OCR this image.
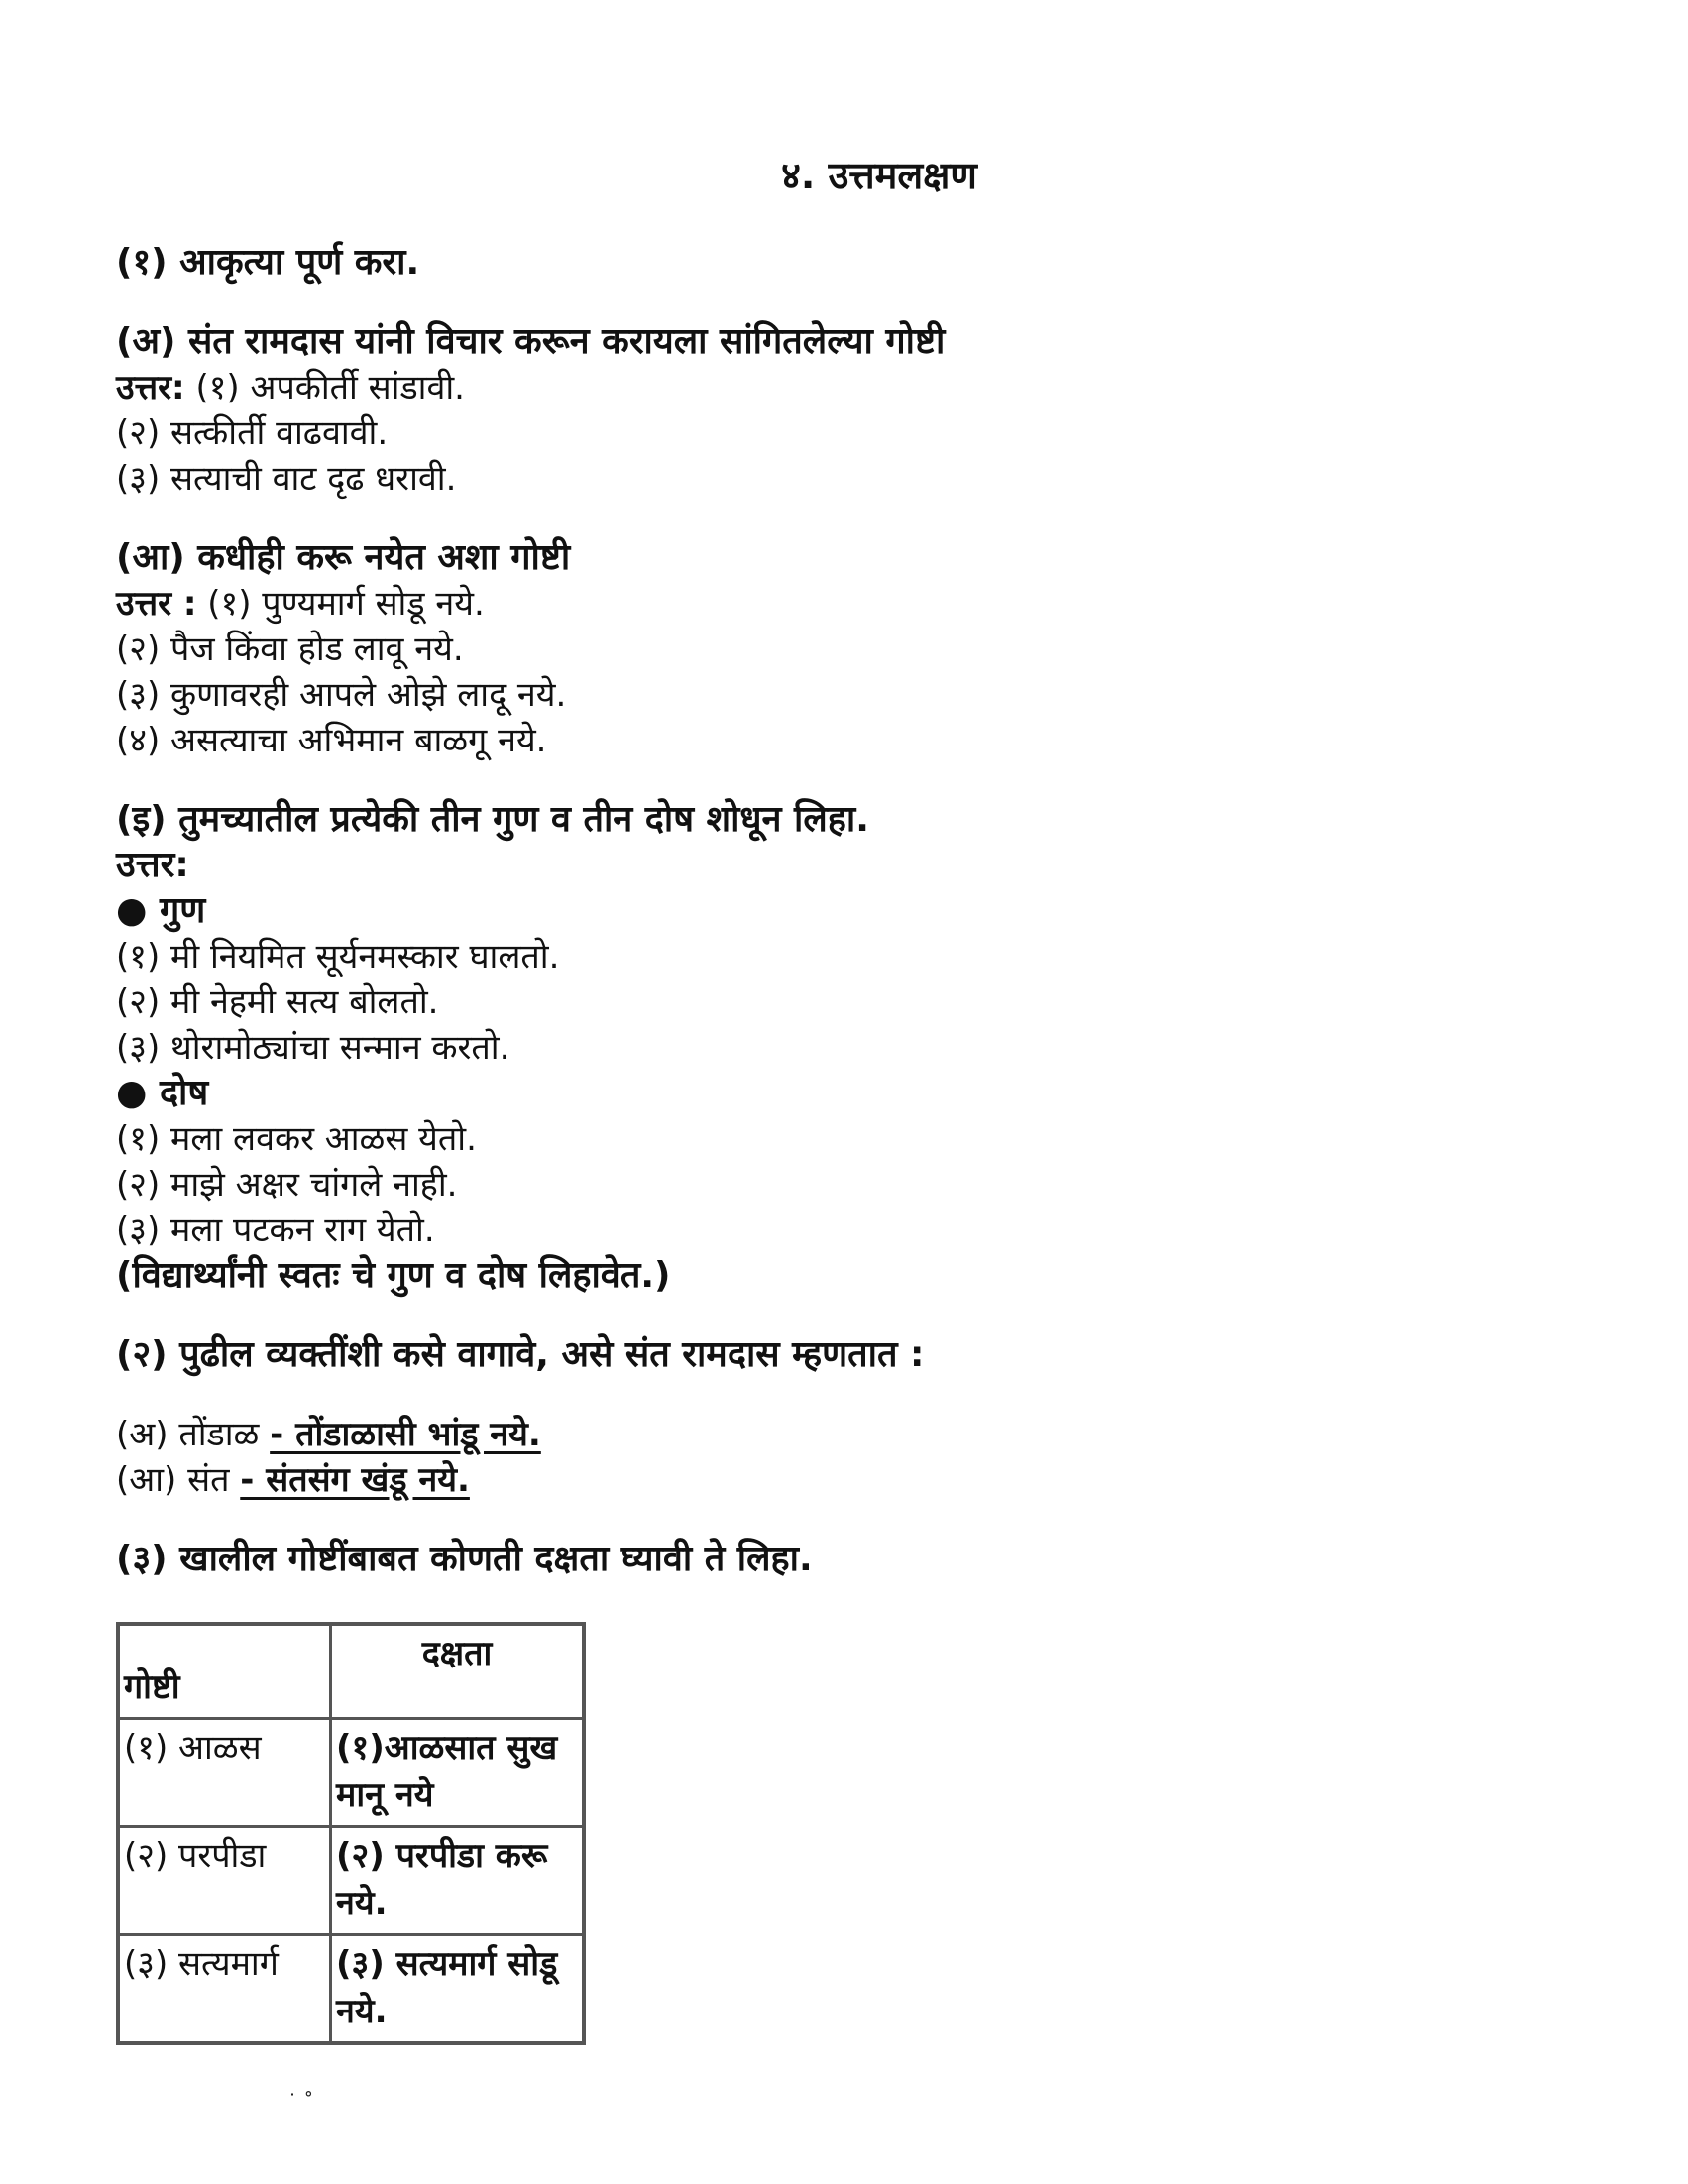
४. उत्तमलक्षण
(१) आकृत्या पूर्ण करा.
(अ) संत रामदास यांनी विचार करून करायला सांगितलेल्या गोष्टी
उत्तर: (१) अपकीर्ती सांडावी.
(२) सत्कीर्ती वाढवावी.
(३) सत्याची वाट दृढ धरावी.
(आ) कधीही करू नयेत अशा गोष्टी
उत्तर : (१) पुण्यमार्ग सोडू नये.
(२) पैज किंवा होड लावू नये.
(३) कुणावरही आपले ओझे लादू नये.
(४) असत्याचा अभिमान बाळगू नये.
(इ) तुमच्यातील प्रत्येकी तीन गुण व तीन दोष शोधून लिहा.
उत्तर:
● गुण
(१) मी नियमित सूर्यनमस्कार घालतो.
(२) मी नेहमी सत्य बोलतो.
(३) थोरामोठ्यांचा सन्मान करतो.
● दोष
(१) मला लवकर आळस येतो.
(२) माझे अक्षर चांगले नाही.
(३) मला पटकन राग येतो.
(विद्यार्थ्यांनी स्वतः चे गुण व दोष लिहावेत.)
(२) पुढील व्यक्तींशी कसे वागावे, असे संत रामदास म्हणतात :
(अ) तोंडाळ - तोंडाळासी भांडू नये.
(आ) संत - संतसंग खंडू नये.
(३) खालील गोष्टींबाबत कोणती दक्षता घ्यावी ते लिहा.
गोष्टी	दक्षता
(१) आळस	(१)आळसात सुख मानू नये
(२) परपीडा	(२) परपीडा करू नये.
(३) सत्यमार्ग	(३) सत्यमार्ग सोडू नये.
˙ ˚
